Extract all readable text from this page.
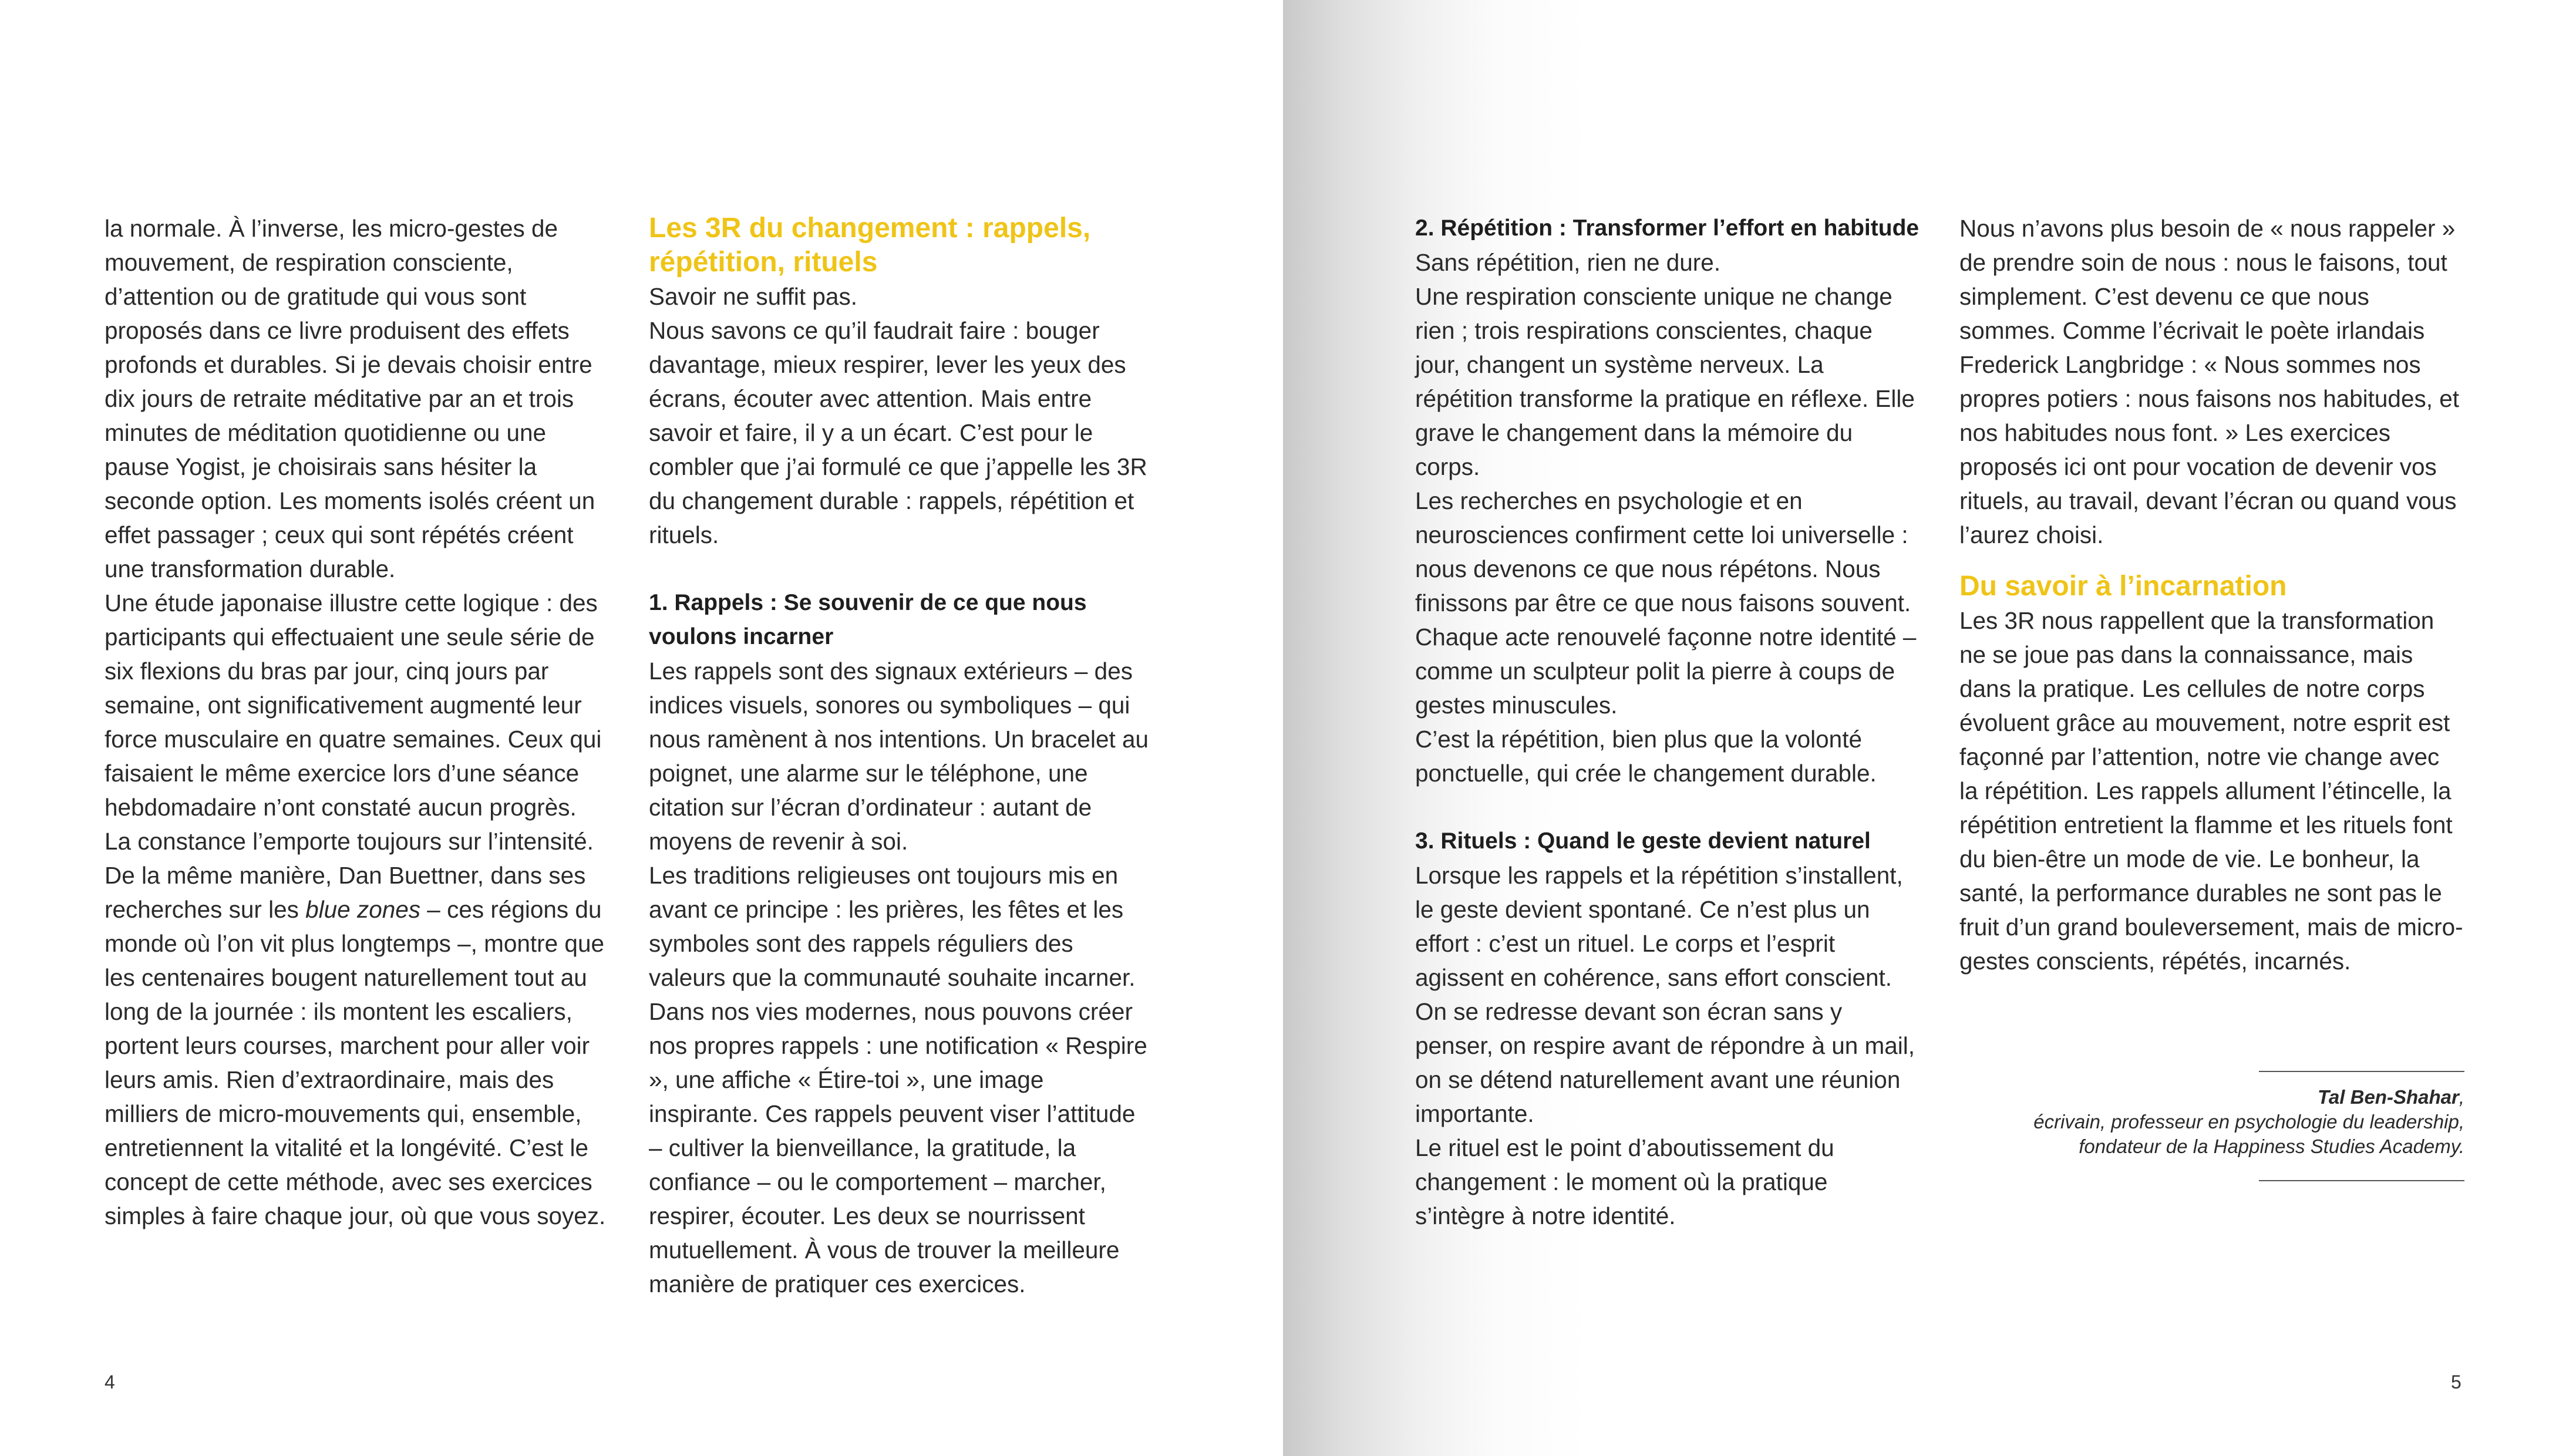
la normale. À l’inverse, les micro-gestes de mouvement, de respiration consciente, d’attention ou de gratitude qui vous sont proposés dans ce livre produisent des effets profonds et durables. Si je devais choisir entre dix jours de retraite méditative par an et trois minutes de méditation quotidienne ou une pause Yogist, je choisirais sans hésiter la seconde option. Les moments isolés créent un effet passager ; ceux qui sont répétés créent une transformation durable.

Une étude japonaise illustre cette logique : des participants qui effectuaient une seule série de six flexions du bras par jour, cinq jours par semaine, ont significativement augmenté leur force musculaire en quatre semaines. Ceux qui faisaient le même exercice lors d’une séance hebdomadaire n’ont constaté aucun progrès. La constance l’emporte toujours sur l’intensité.

De la même manière, Dan Buettner, dans ses recherches sur les blue zones – ces régions du monde où l’on vit plus longtemps –, montre que les centenaires bougent naturellement tout au long de la journée : ils montent les escaliers, portent leurs courses, marchent pour aller voir leurs amis. Rien d’extraordinaire, mais des milliers de micro-mouvements qui, ensemble, entretiennent la vitalité et la longévité. C’est le concept de cette méthode, avec ses exercices simples à faire chaque jour, où que vous soyez.

Les 3R du changement : rappels, répétition, rituels

Savoir ne suffit pas.

Nous savons ce qu’il faudrait faire : bouger davantage, mieux respirer, lever les yeux des écrans, écouter avec attention. Mais entre savoir et faire, il y a un écart. C’est pour le combler que j’ai formulé ce que j’appelle les 3R du changement durable : rappels, répétition et rituels.

1. Rappels : Se souvenir de ce que nous voulons incarner

Les rappels sont des signaux extérieurs – des indices visuels, sonores ou symboliques – qui nous ramènent à nos intentions. Un bracelet au poignet, une alarme sur le téléphone, une citation sur l’écran d’ordinateur : autant de moyens de revenir à soi.

Les traditions religieuses ont toujours mis en avant ce principe : les prières, les fêtes et les symboles sont des rappels réguliers des valeurs que la communauté souhaite incarner.

Dans nos vies modernes, nous pouvons créer nos propres rappels : une notification « Respire », une affiche « Étire-toi », une image inspirante. Ces rappels peuvent viser l’attitude – cultiver la bienveillance, la gratitude, la confiance – ou le comportement – marcher, respirer, écouter. Les deux se nourrissent mutuellement. À vous de trouver la meilleure manière de pratiquer ces exercices.

2. Répétition : Transformer l’effort en habitude

Sans répétition, rien ne dure.

Une respiration consciente unique ne change rien ; trois respirations conscientes, chaque jour, changent un système nerveux. La répétition transforme la pratique en réflexe. Elle grave le changement dans la mémoire du corps.

Les recherches en psychologie et en neurosciences confirment cette loi universelle : nous devenons ce que nous répétons. Nous finissons par être ce que nous faisons souvent. Chaque acte renouvelé façonne notre identité – comme un sculpteur polit la pierre à coups de gestes minuscules.

C’est la répétition, bien plus que la volonté ponctuelle, qui crée le changement durable.

3. Rituels : Quand le geste devient naturel

Lorsque les rappels et la répétition s’installent, le geste devient spontané. Ce n’est plus un effort : c’est un rituel. Le corps et l’esprit agissent en cohérence, sans effort conscient. On se redresse devant son écran sans y penser, on respire avant de répondre à un mail, on se détend naturellement avant une réunion importante.

Le rituel est le point d’aboutissement du changement : le moment où la pratique s’intègre à notre identité.

Nous n’avons plus besoin de « nous rappeler » de prendre soin de nous : nous le faisons, tout simplement. C’est devenu ce que nous sommes. Comme l’écrivait le poète irlandais Frederick Langbridge : « Nous sommes nos propres potiers : nous faisons nos habitudes, et nos habitudes nous font. » Les exercices proposés ici ont pour vocation de devenir vos rituels, au travail, devant l’écran ou quand vous l’aurez choisi.

Du savoir à l’incarnation

Les 3R nous rappellent que la transformation ne se joue pas dans la connaissance, mais dans la pratique. Les cellules de notre corps évoluent grâce au mouvement, notre esprit est façonné par l’attention, notre vie change avec la répétition. Les rappels allument l’étincelle, la répétition entretient la flamme et les rituels font du bien-être un mode de vie. Le bonheur, la santé, la performance durables ne sont pas le fruit d’un grand bouleversement, mais de micro-gestes conscients, répétés, incarnés.

Tal Ben-Shahar,
écrivain, professeur en psychologie du leadership,
fondateur de la Happiness Studies Academy.
4	5
